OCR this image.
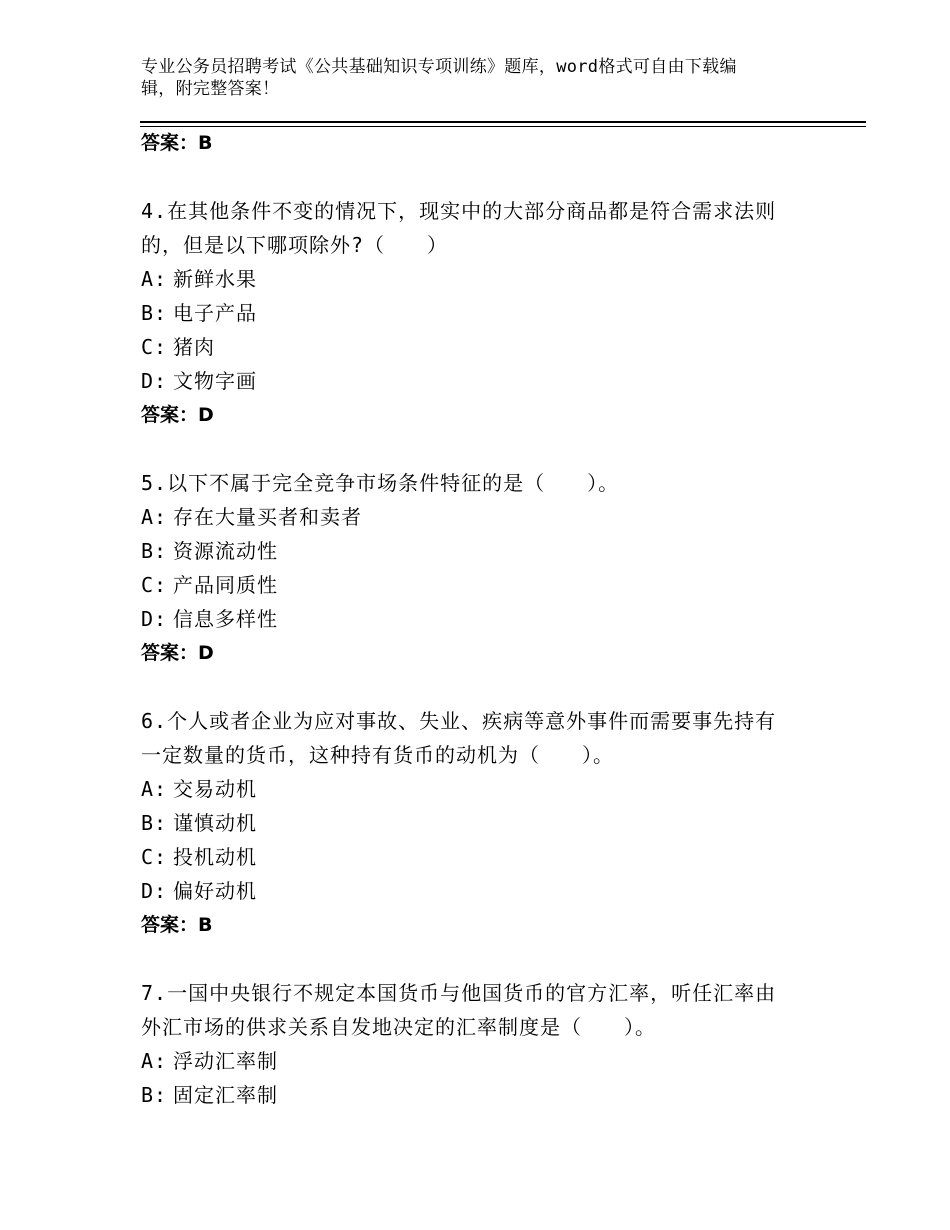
专业公务员招聘考试《公共基础知识专项训练》题库，word格式可自由下载编
辑，附完整答案！
答案：B
4.在其他条件不变的情况下，现实中的大部分商品都是符合需求法则
的，但是以下哪项除外?（　　）
A: 新鲜水果
B: 电子产品
C: 猪肉
D: 文物字画
答案：D
5.以下不属于完全竞争市场条件特征的是（　　）。
A: 存在大量买者和卖者
B: 资源流动性
C: 产品同质性
D: 信息多样性
答案：D
6.个人或者企业为应对事故、失业、疾病等意外事件而需要事先持有
一定数量的货币，这种持有货币的动机为（　　）。
A: 交易动机
B: 谨慎动机
C: 投机动机
D: 偏好动机
答案：B
7.一国中央银行不规定本国货币与他国货币的官方汇率，听任汇率由
外汇市场的供求关系自发地决定的汇率制度是（　　）。
A: 浮动汇率制
B: 固定汇率制
